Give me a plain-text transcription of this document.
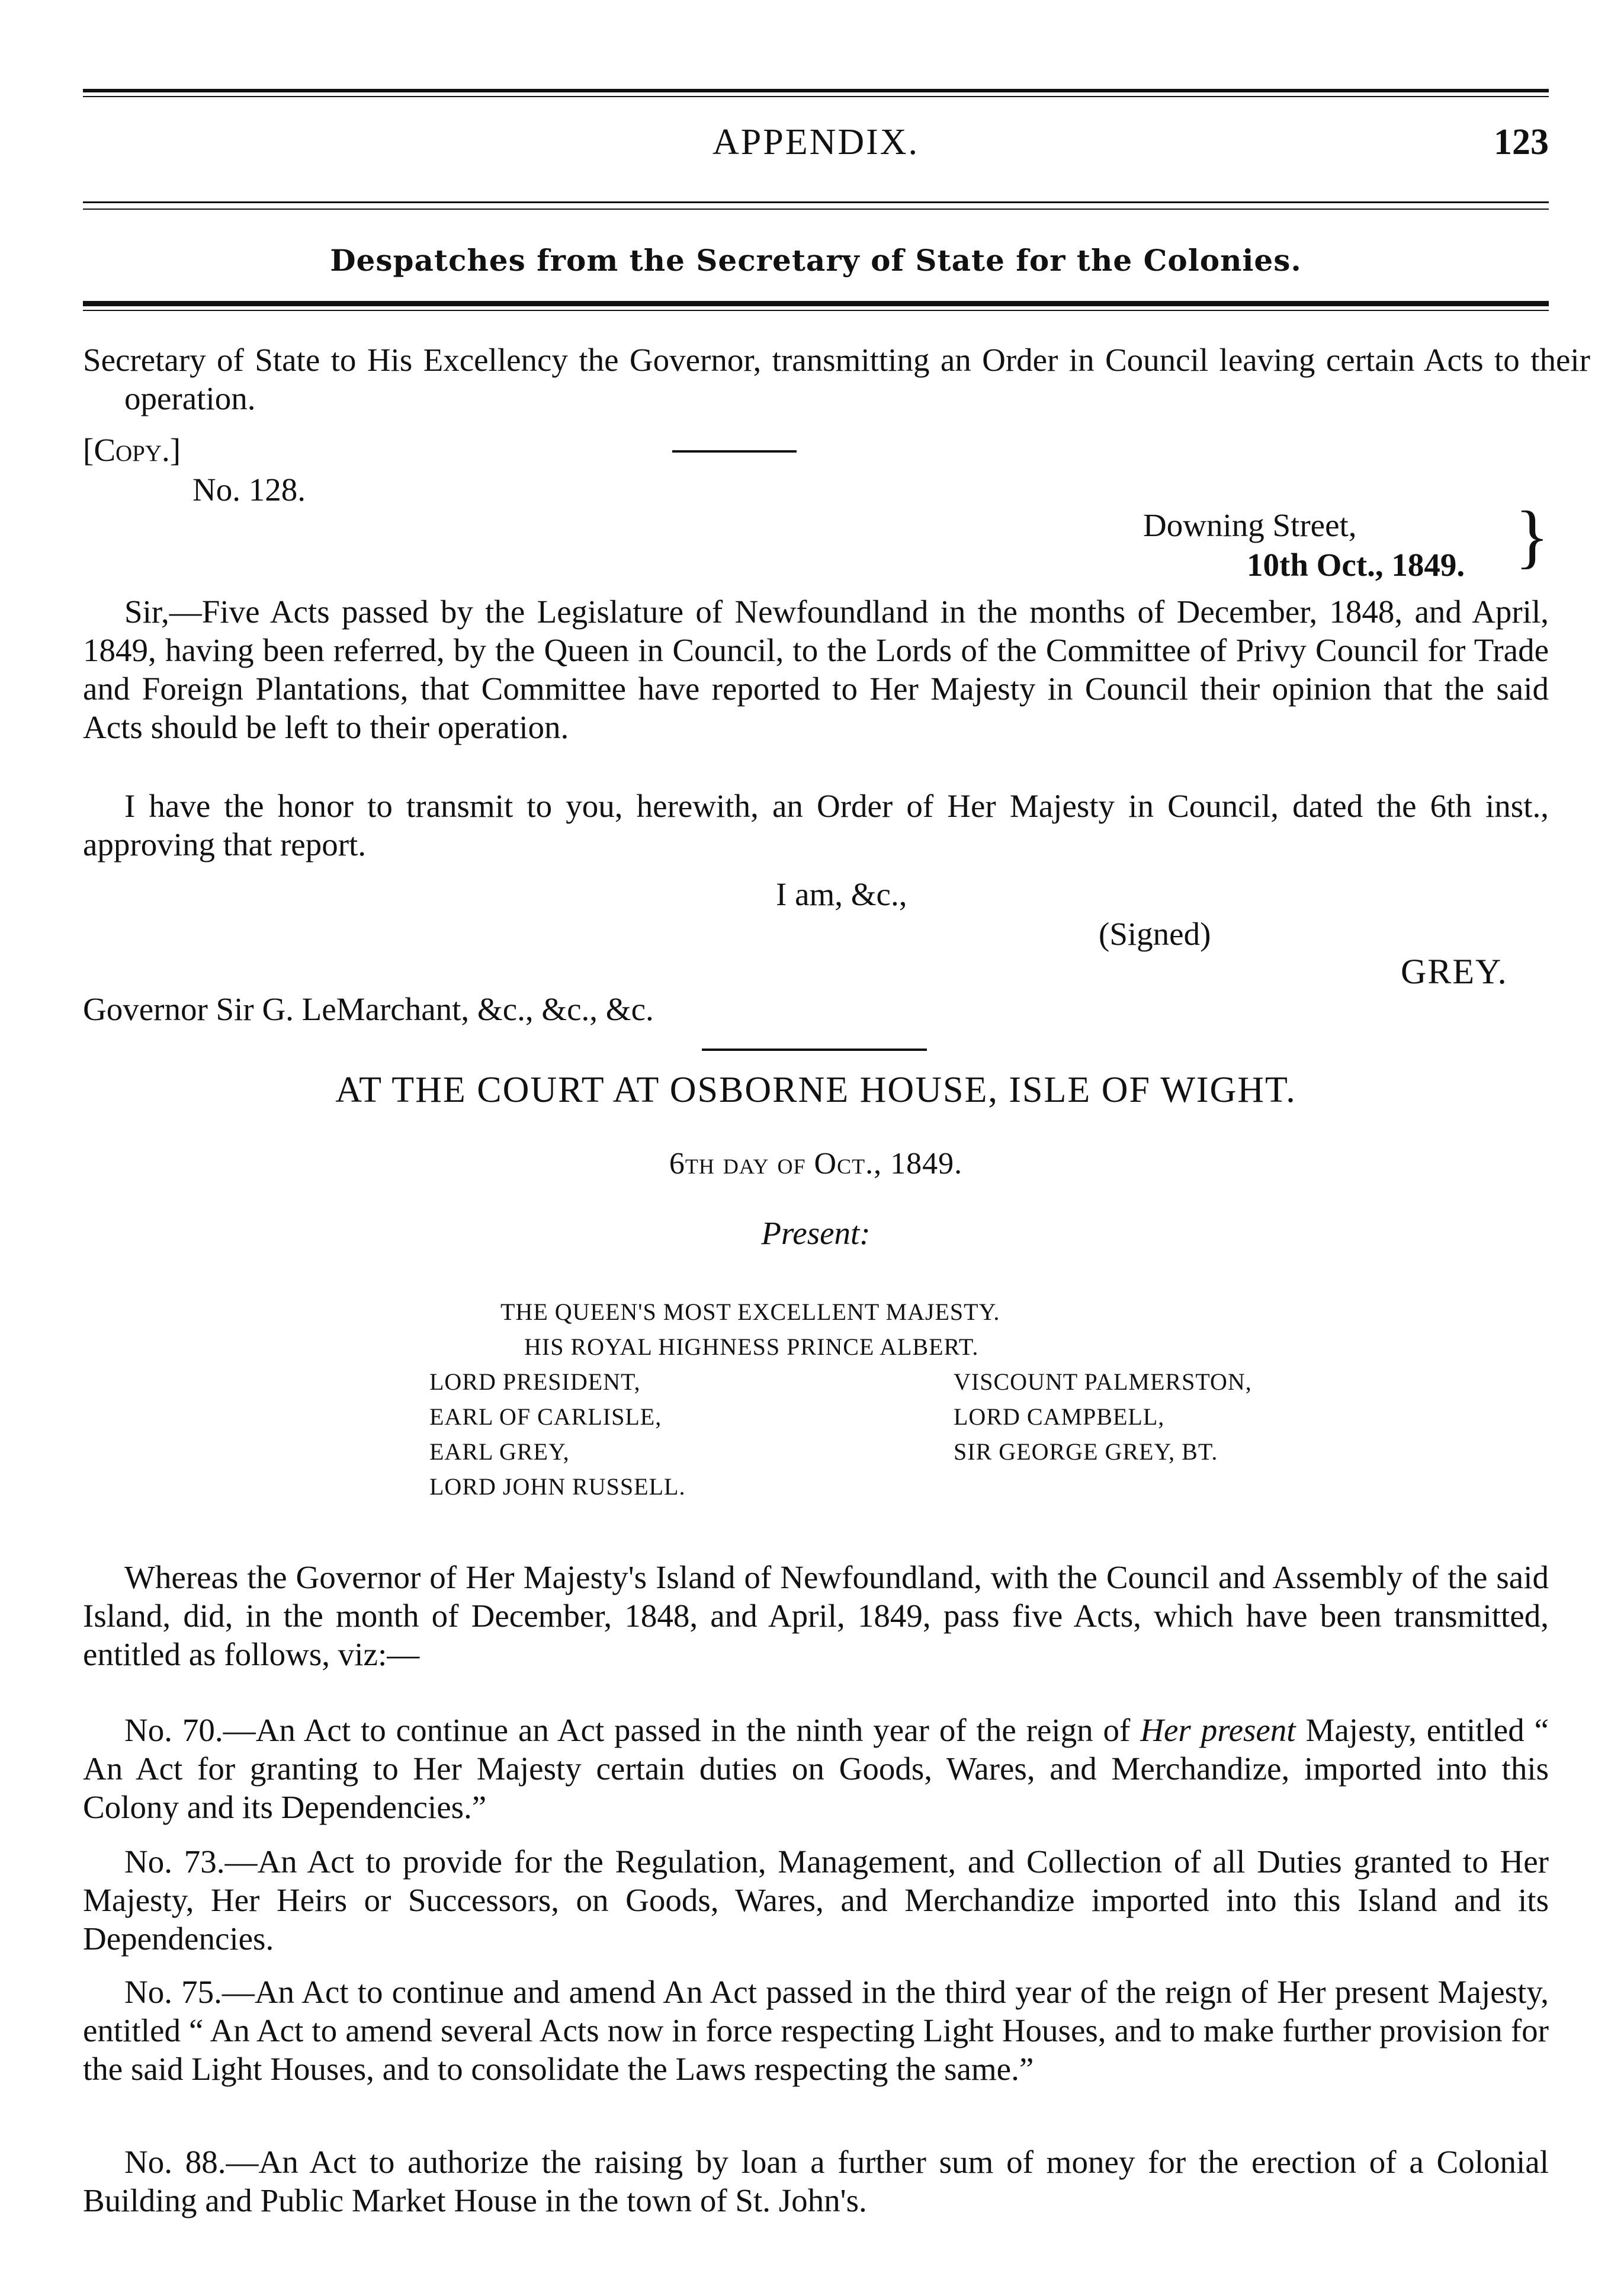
APPENDIX.	123
Despatches from the Secretary of State for the Colonies.
Secretary of State to His Excellency the Governor, transmitting an Order in Council leaving certain Acts to their operation.
[Copy.]
No. 128.
Downing Street,
10th Oct., 1849. }
Sir,—Five Acts passed by the Legislature of Newfoundland in the months of December, 1848, and April, 1849, having been referred, by the Queen in Council, to the Lords of the Committee of Privy Council for Trade and Foreign Plantations, that Committee have reported to Her Majesty in Council their opinion that the said Acts should be left to their operation.
I have the honor to transmit to you, herewith, an Order of Her Majesty in Council, dated the 6th inst., approving that report.
I am, &c.,
(Signed)
GREY.
Governor Sir G. LeMarchant, &c., &c., &c.
AT THE COURT AT OSBORNE HOUSE, ISLE OF WIGHT.
6th day of Oct., 1849.
Present:
THE QUEEN'S MOST EXCELLENT MAJESTY.
HIS ROYAL HIGHNESS PRINCE ALBERT.
LORD PRESIDENT,
EARL OF CARLISLE,
EARL GREY,
LORD JOHN RUSSELL.
VISCOUNT PALMERSTON,
LORD CAMPBELL,
SIR GEORGE GREY, BT.
Whereas the Governor of Her Majesty's Island of Newfoundland, with the Council and Assembly of the said Island, did, in the month of December, 1848, and April, 1849, pass five Acts, which have been transmitted, entitled as follows, viz:—
No. 70.—An Act to continue an Act passed in the ninth year of the reign of Her present Majesty, entitled “ An Act for granting to Her Majesty certain duties on Goods, Wares, and Merchandize, imported into this Colony and its Dependencies.”
No. 73.—An Act to provide for the Regulation, Management, and Collection of all Duties granted to Her Majesty, Her Heirs or Successors, on Goods, Wares, and Merchandize imported into this Island and its Dependencies.
No. 75.—An Act to continue and amend An Act passed in the third year of the reign of Her present Majesty, entitled “ An Act to amend several Acts now in force respecting Light Houses, and to make further provision for the said Light Houses, and to consolidate the Laws respecting the same.”
No. 88.—An Act to authorize the raising by loan a further sum of money for the erection of a Colonial Building and Public Market House in the town of St. John's.
